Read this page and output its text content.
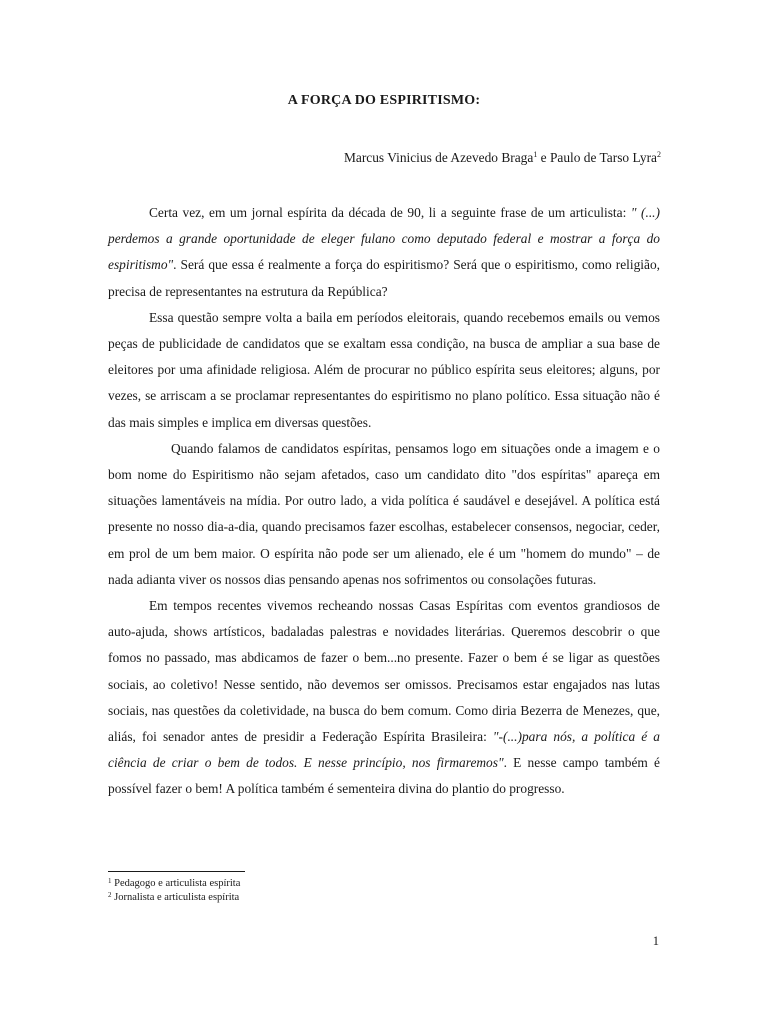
A FORÇA DO ESPIRITISMO:
Marcus Vinicius de Azevedo Braga$^1$ e Paulo de Tarso Lyra$^2$

Certa vez, em um jornal espírita da década de 90, li a seguinte frase de um articulista: " (...) perdemos a grande oportunidade de eleger fulano como deputado federal e mostrar a força do espiritismo". Será que essa é realmente a força do espiritismo? Será que o espiritismo, como religião, precisa de representantes na estrutura da República?

Essa questão sempre volta a baila em períodos eleitorais, quando recebemos emails ou vemos peças de publicidade de candidatos que se exaltam essa condição, na busca de ampliar a sua base de eleitores por uma afinidade religiosa. Além de procurar no público espírita seus eleitores; alguns, por vezes, se arriscam a se proclamar representantes do espiritismo no plano político. Essa situação não é das mais simples e implica em diversas questões.

Quando falamos de candidatos espíritas, pensamos logo em situações onde a imagem e o bom nome do Espiritismo não sejam afetados, caso um candidato dito "dos espíritas" apareça em situações lamentáveis na mídia. Por outro lado, a vida política é saudável e desejável. A política está presente no nosso dia-a-dia, quando precisamos fazer escolhas, estabelecer consensos, negociar, ceder, em prol de um bem maior. O espírita não pode ser um alienado, ele é um "homem do mundo" – de nada adianta viver os nossos dias pensando apenas nos sofrimentos ou consolações futuras.

Em tempos recentes vivemos recheando nossas Casas Espíritas com eventos grandiosos de auto-ajuda, shows artísticos, badaladas palestras e novidades literárias. Queremos descobrir o que fomos no passado, mas abdicamos de fazer o bem...no presente. Fazer o bem é se ligar as questões sociais, ao coletivo! Nesse sentido, não devemos ser omissos. Precisamos estar engajados nas lutas sociais, nas questões da coletividade, na busca do bem comum. Como diria Bezerra de Menezes, que, aliás, foi senador antes de presidir a Federação Espírita Brasileira: "-(...)para nós, a política é a ciência de criar o bem de todos. E nesse princípio, nos firmaremos". E nesse campo também é possível fazer o bem! A política também é sementeira divina do plantio do progresso.

$^1$ Pedagogo e articulista espírita
$^2$ Jornalista e articulista espírita
1
